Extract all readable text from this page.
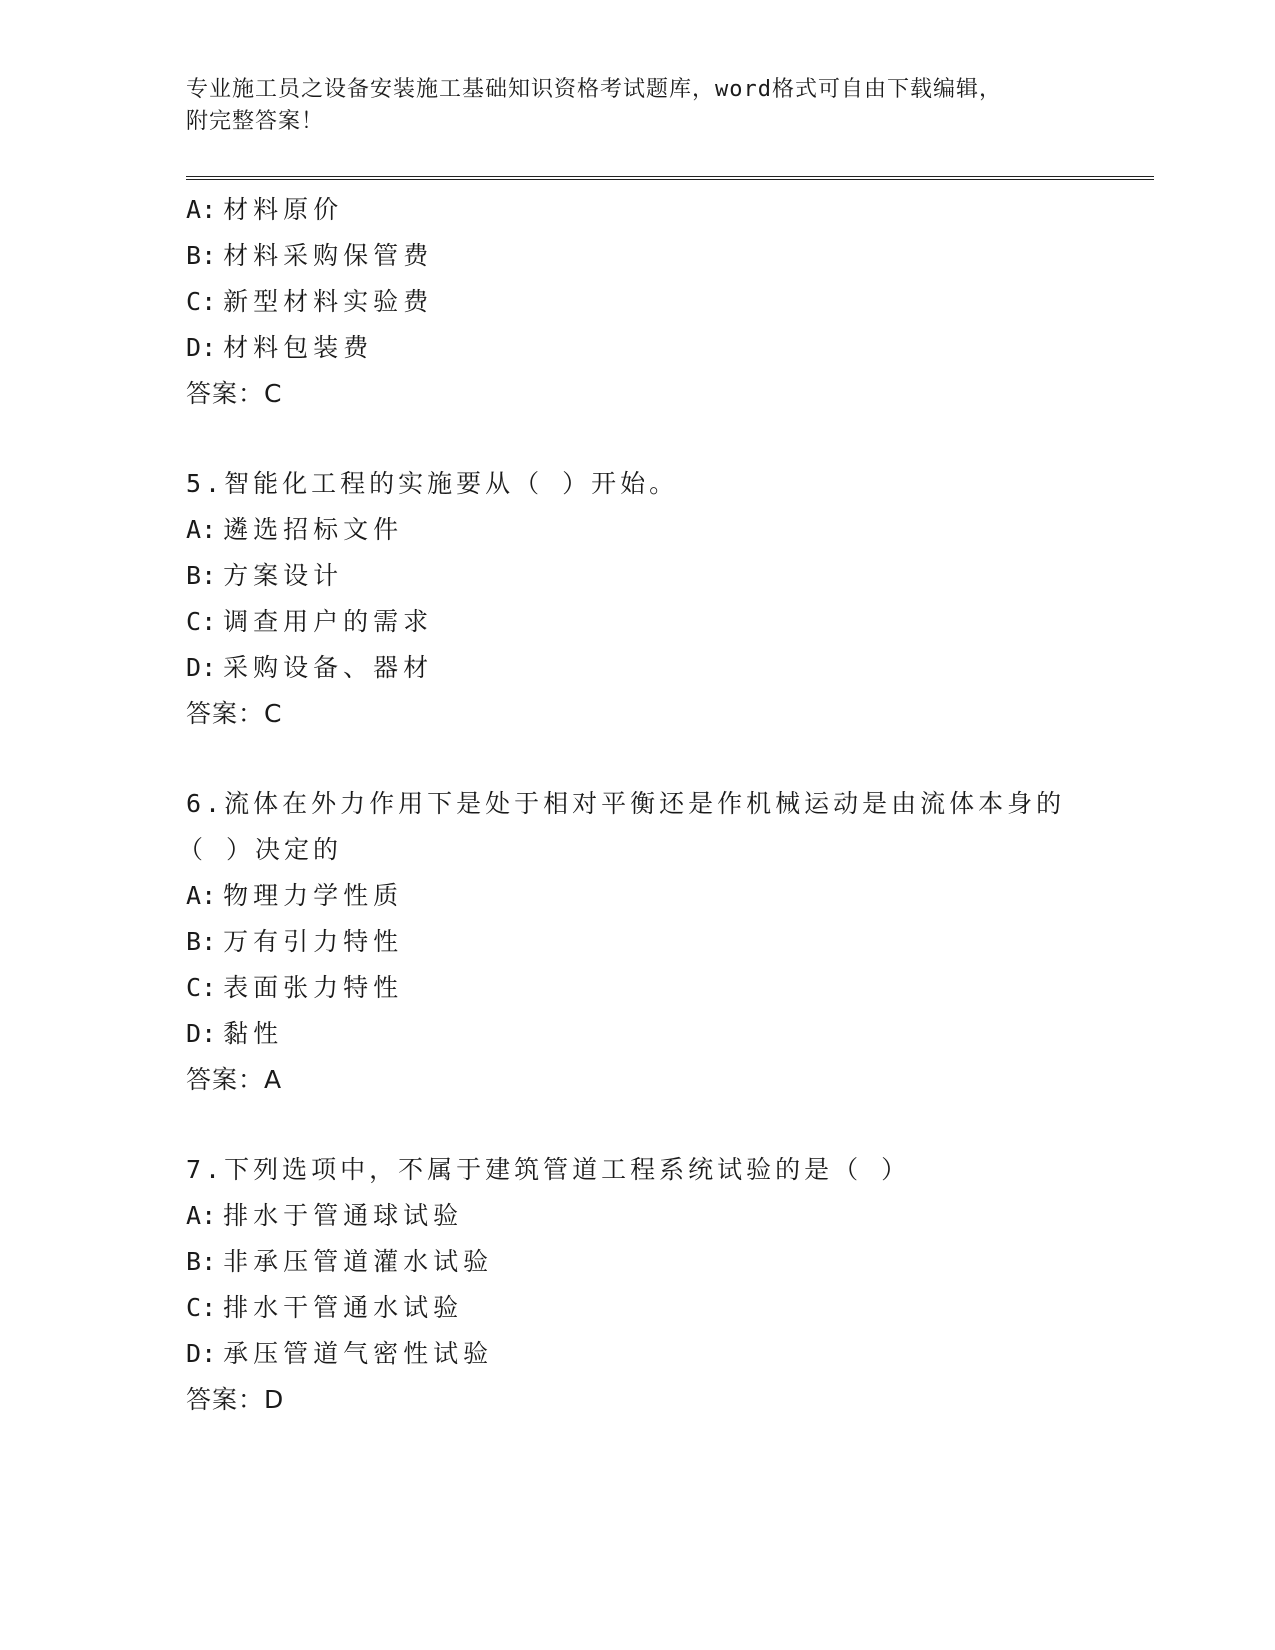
专业施工员之设备安装施工基础知识资格考试题库，word格式可自由下载编辑，
附完整答案！
A : 材料原价
B : 材料采购保管费
C : 新型材料实验费
D : 材料包装费
答案：C
5.智能化工程的实施要从（ ）开始。
A : 遴选招标文件
B : 方案设计
C : 调查用户的需求
D : 采购设备、器材
答案：C
6.流体在外力作用下是处于相对平衡还是作机械运动是由流体本身的
（ ）决定的
A : 物理力学性质
B : 万有引力特性
C : 表面张力特性
D : 黏性
答案：A
7.下列选项中，不属于建筑管道工程系统试验的是（ ）
A : 排水于管通球试验
B : 非承压管道灌水试验
C : 排水干管通水试验
D : 承压管道气密性试验
答案：D
